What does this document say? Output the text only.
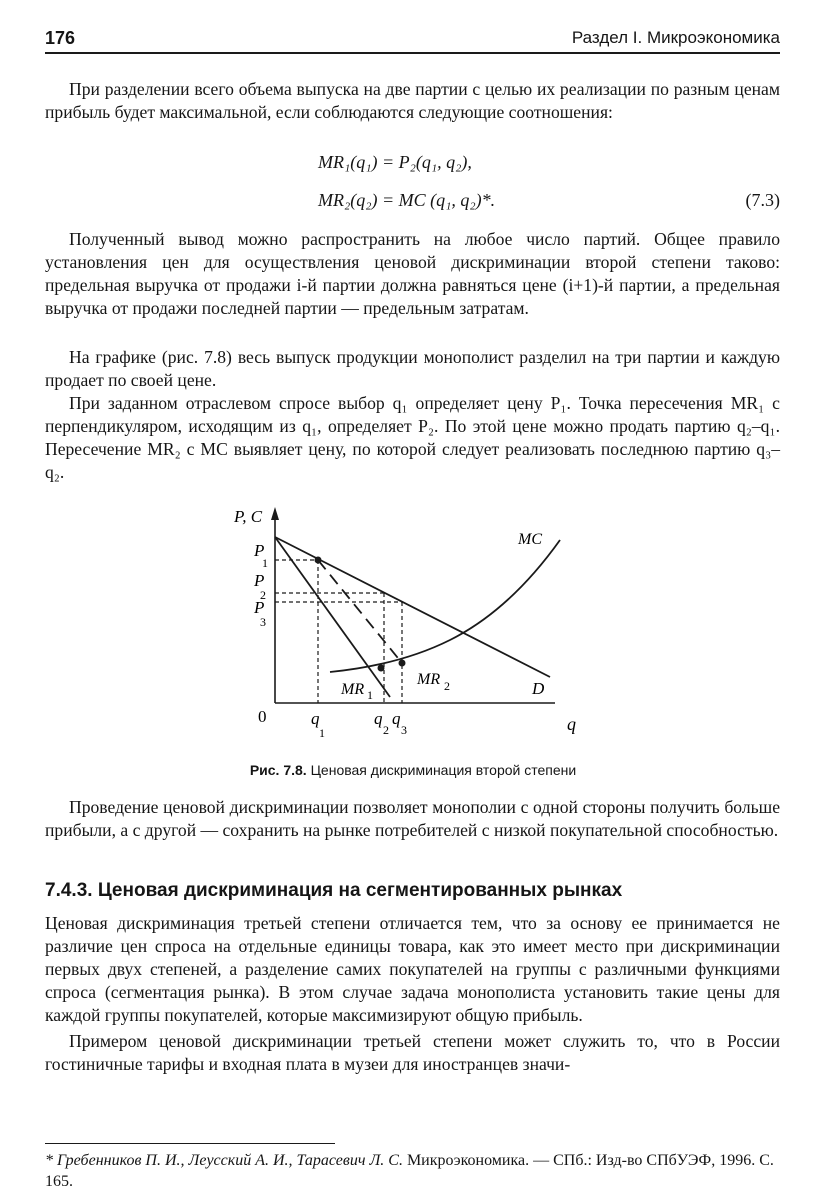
176	Раздел I. Микроэкономика

При разделении всего объема выпуска на две партии с целью их реализации по разным ценам прибыль будет максимальной, если соблюдаются следующие соотношения:

MR₁(q₁) = P₂(q₁, q₂),
MR₂(q₂) = MC (q₁, q₂)*.	(7.3)

Полученный вывод можно распространить на любое число партий. Общее правило установления цен для осуществления ценовой дискриминации второй степени таково: предельная выручка от продажи i-й партии должна равняться цене (i+1)-й партии, а предельная выручка от продажи последней партии — предельным затратам.

На графике (рис. 7.8) весь выпуск продукции монополист разделил на три партии и каждую продает по своей цене.

При заданном отраслевом спросе выбор q₁ определяет цену P₁. Точка пересечения MR₁ с перпендикуляром, исходящим из q₁, определяет P₂. По этой цене можно продать партию q₂–q₁. Пересечение MR₂ с MC выявляет цену, по которой следует реализовать последнюю партию q₃–q₂.

P, C
0	q
P
1
P
2
P
3
q
1
q
2
q
3
MC
MR 1
MR 2	D
Рис. 7.8. Ценовая дискриминация второй степени

Проведение ценовой дискриминации позволяет монополии с одной стороны получить больше прибыли, а с другой — сохранить на рынке потребителей с низкой покупательной способностью.

7.4.3. Ценовая дискриминация на сегментированных рынках

Ценовая дискриминация третьей степени отличается тем, что за основу ее принимается не различие цен спроса на отдельные единицы товара, как это имеет место при дискриминации первых двух степеней, а разделение самих покупателей на группы с различными функциями спроса (сегментация рынка). В этом случае задача монополиста установить такие цены для каждой группы покупателей, которые максимизируют общую прибыль.

Примером ценовой дискриминации третьей степени может служить то, что в России гостиничные тарифы и входная плата в музеи для иностранцев значи-

* Гребенников П. И., Леусский А. И., Тарасевич Л. С. Микроэкономика. — СПб.: Изд-во СПбУЭФ, 1996. С. 165.
